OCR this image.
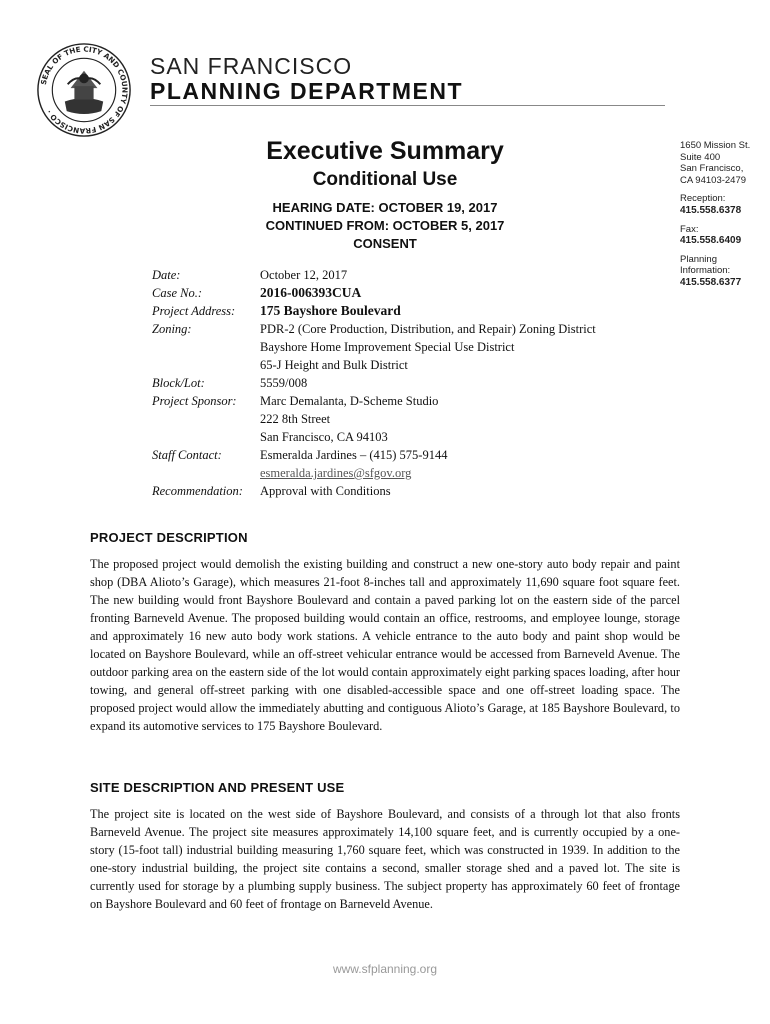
SEAL OF THE CITY AND COUNTY OF SAN FRANCISCO ·
SAN FRANCISCO
PLANNING DEPARTMENT
Executive Summary
Conditional Use
HEARING DATE: OCTOBER 19, 2017
CONTINUED FROM: OCTOBER 5, 2017
CONSENT
1650 Mission St.
Suite 400
San Francisco,
CA 94103-2479
Reception:
415.558.6378
Fax:
415.558.6409
Planning
Information:
415.558.6377
Date:	October 12, 2017
Case No.:	2016-006393CUA
Project Address:	175 Bayshore Boulevard
Zoning:	PDR-2 (Core Production, Distribution, and Repair) Zoning District
Bayshore Home Improvement Special Use District
65-J Height and Bulk District
Block/Lot:	5559/008
Project Sponsor:	Marc Demalanta, D-Scheme Studio
222 8th Street
San Francisco, CA 94103
Staff Contact:	Esmeralda Jardines – (415) 575-9144
esmeralda.jardines@sfgov.org
Recommendation:	Approval with Conditions
PROJECT DESCRIPTION

The proposed project would demolish the existing building and construct a new one-story auto body repair and paint shop (DBA Alioto’s Garage), which measures 21-foot 8-inches tall and approximately 11,690 square foot square feet. The new building would front Bayshore Boulevard and contain a paved parking lot on the eastern side of the parcel fronting Barneveld Avenue. The proposed building would contain an office, restrooms, and employee lounge, storage and approximately 16 new auto body work stations. A vehicle entrance to the auto body and paint shop would be located on Bayshore Boulevard, while an off-street vehicular entrance would be accessed from Barneveld Avenue. The outdoor parking area on the eastern side of the lot would contain approximately eight parking spaces loading, after hour towing, and general off-street parking with one disabled-accessible space and one off-street loading space. The proposed project would allow the immediately abutting and contiguous Alioto’s Garage, at 185 Bayshore Boulevard, to expand its automotive services to 175 Bayshore Boulevard.

SITE DESCRIPTION AND PRESENT USE

The project site is located on the west side of Bayshore Boulevard, and consists of a through lot that also fronts Barneveld Avenue. The project site measures approximately 14,100 square feet, and is currently occupied by a one-story (15-foot tall) industrial building measuring 1,760 square feet, which was constructed in 1939. In addition to the one-story industrial building, the project site contains a second, smaller storage shed and a paved lot. The site is currently used for storage by a plumbing supply business. The subject property has approximately 60 feet of frontage on Bayshore Boulevard and 60 feet of frontage on Barneveld Avenue.

www.sfplanning.org
